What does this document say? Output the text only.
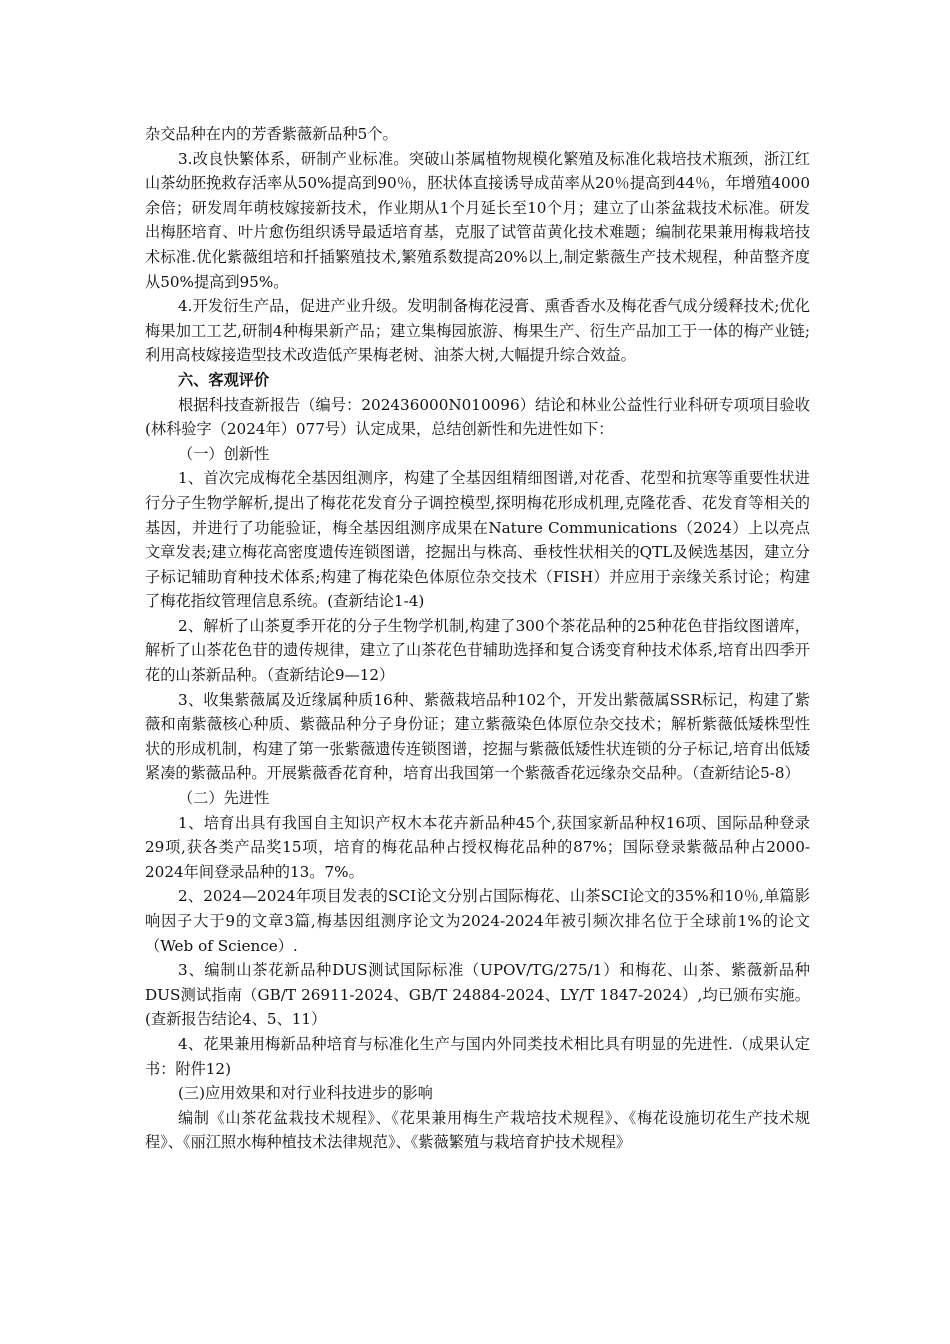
杂交品种在内的芳香紫薇新品种5个。

3.改良快繁体系，研制产业标准。突破山茶属植物规模化繁殖及标准化栽培技术瓶颈，浙江红山茶幼胚挽救存活率从50%提高到90％，胚状体直接诱导成苗率从20％提高到44％，年增殖4000余倍；研发周年萌枝嫁接新技术，作业期从1个月延长至10个月；建立了山茶盆栽技术标准。研发出梅胚培育、叶片愈伤组织诱导最适培育基，克服了试管苗黄化技术难题；编制花果兼用梅栽培技术标准.优化紫薇组培和扦插繁殖技术,繁殖系数提高20%以上,制定紫薇生产技术规程，种苗整齐度从50%提高到95%。

4.开发衍生产品，促进产业升级。发明制备梅花浸膏、熏香香水及梅花香气成分缓释技术;优化梅果加工工艺,研制4种梅果新产品；建立集梅园旅游、梅果生产、衍生产品加工于一体的梅产业链;利用高枝嫁接造型技术改造低产果梅老树、油茶大树,大幅提升综合效益。

六、客观评价

根据科技查新报告（编号：202436000N010096）结论和林业公益性行业科研专项项目验收(林科验字（2024年）077号）认定成果，总结创新性和先进性如下：

（一）创新性

1、首次完成梅花全基因组测序，构建了全基因组精细图谱,对花香、花型和抗寒等重要性状进行分子生物学解析,提出了梅花花发育分子调控模型,探明梅花形成机理,克隆花香、花发育等相关的基因，并进行了功能验证，梅全基因组测序成果在Nature Communications（2024）上以亮点文章发表;建立梅花高密度遗传连锁图谱，挖掘出与株高、垂枝性状相关的QTL及候选基因，建立分子标记辅助育种技术体系;构建了梅花染色体原位杂交技术（FISH）并应用于亲缘关系讨论；构建了梅花指纹管理信息系统。(查新结论1-4)

2、解析了山茶夏季开花的分子生物学机制,构建了300个茶花品种的25种花色苷指纹图谱库，解析了山茶花色苷的遗传规律，建立了山茶花色苷辅助选择和复合诱变育种技术体系,培育出四季开花的山茶新品种。（查新结论9—12）

3、收集紫薇属及近缘属种质16种、紫薇栽培品种102个，开发出紫薇属SSR标记，构建了紫薇和南紫薇核心种质、紫薇品种分子身份证；建立紫薇染色体原位杂交技术；解析紫薇低矮株型性状的形成机制，构建了第一张紫薇遗传连锁图谱，挖掘与紫薇低矮性状连锁的分子标记,培育出低矮紧凑的紫薇品种。开展紫薇香花育种，培育出我国第一个紫薇香花远缘杂交品种。（查新结论5-8）

（二）先进性

1、培育出具有我国自主知识产权木本花卉新品种45个,获国家新品种权16项、国际品种登录29项,获各类产品奖15项，培育的梅花品种占授权梅花品种的87%；国际登录紫薇品种占2000-2024年间登录品种的13。7%。

2、2024—2024年项目发表的SCI论文分别占国际梅花、山茶SCI论文的35%和10％,单篇影响因子大于9的文章3篇,梅基因组测序论文为2024-2024年被引频次排名位于全球前1%的论文（Web of Science）.

3、编制山茶花新品种DUS测试国际标准（UPOV/TG/275/1）和梅花、山茶、紫薇新品种DUS测试指南（GB/T 26911-2024、GB/T 24884-2024、LY/T 1847-2024）,均已颁布实施。(查新报告结论4、5、11）

4、花果兼用梅新品种培育与标准化生产与国内外同类技术相比具有明显的先进性.（成果认定书：附件12)

(三)应用效果和对行业科技进步的影响

编制《山茶花盆栽技术规程》、《花果兼用梅生产栽培技术规程》、《梅花设施切花生产技术规程》、《丽江照水梅种植技术法律规范》、《紫薇繁殖与栽培育护技术规程》
